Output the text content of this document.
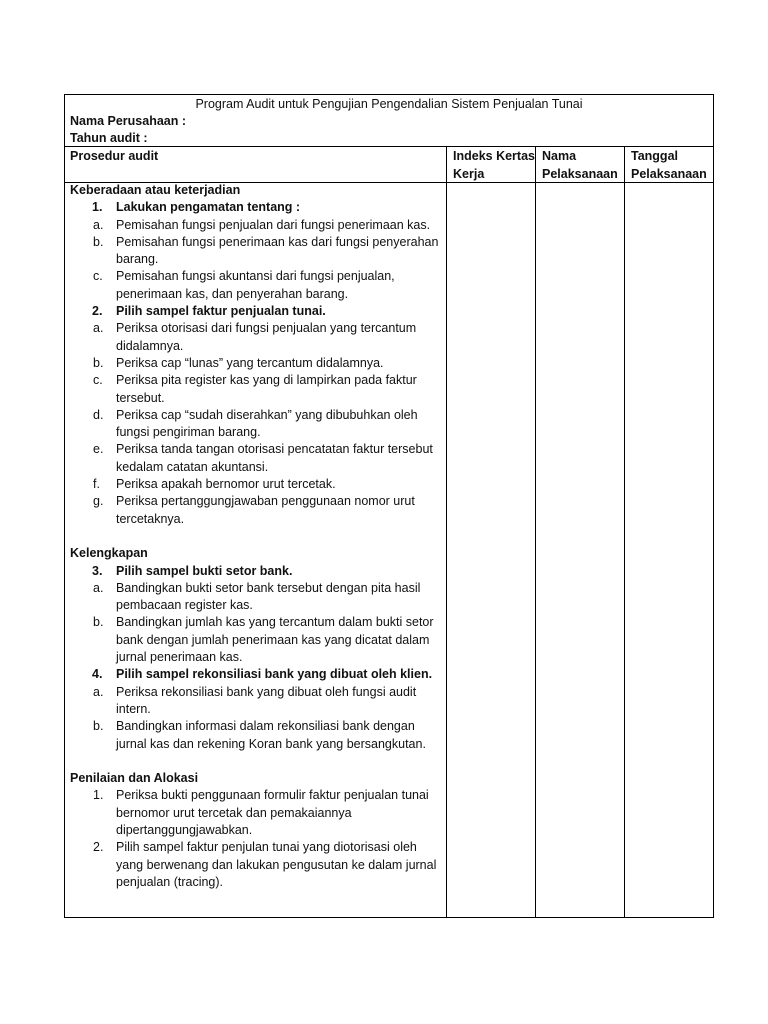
Program Audit untuk Pengujian Pengendalian Sistem Penjualan Tunai
Nama Perusahaan :
Tahun audit :
Prosedur audit	Indeks Kertas Kerja
Nama Pelaksanaan
Tanggal Pelaksanaan
Keberadaan atau keterjadian
1. Lakukan pengamatan tentang :
a. Pemisahan fungsi penjualan dari fungsi penerimaan kas.
b. Pemisahan fungsi penerimaan kas dari fungsi penyerahan barang.
c. Pemisahan fungsi akuntansi dari fungsi penjualan, penerimaan kas, dan penyerahan barang.
2. Pilih sampel faktur penjualan tunai.
a. Periksa otorisasi dari fungsi penjualan yang tercantum didalamnya.
b. Periksa cap “lunas” yang tercantum didalamnya.
c. Periksa pita register kas yang di lampirkan pada faktur tersebut.
d. Periksa cap “sudah diserahkan” yang dibubuhkan oleh fungsi pengiriman barang.
e. Periksa tanda tangan otorisasi pencatatan faktur tersebut kedalam catatan akuntansi.
f. Periksa apakah bernomor urut tercetak.
g. Periksa pertanggungjawaban penggunaan nomor urut tercetaknya.
Kelengkapan
3. Pilih sampel bukti setor bank.
a. Bandingkan bukti setor bank tersebut dengan pita hasil pembacaan register kas.
b. Bandingkan jumlah kas yang tercantum dalam bukti setor bank dengan jumlah penerimaan kas yang dicatat dalam jurnal penerimaan kas.
4. Pilih sampel rekonsiliasi bank yang dibuat oleh klien.
a. Periksa rekonsiliasi bank yang dibuat oleh fungsi audit intern.
b. Bandingkan informasi dalam rekonsiliasi bank dengan jurnal kas dan rekening Koran bank yang bersangkutan.
Penilaian dan Alokasi
1. Periksa bukti penggunaan formulir faktur penjualan tunai bernomor urut tercetak dan pemakaiannya dipertanggungjawabkan.
2. Pilih sampel faktur penjulan tunai yang diotorisasi oleh yang berwenang dan lakukan pengusutan ke dalam jurnal penjualan (tracing).
